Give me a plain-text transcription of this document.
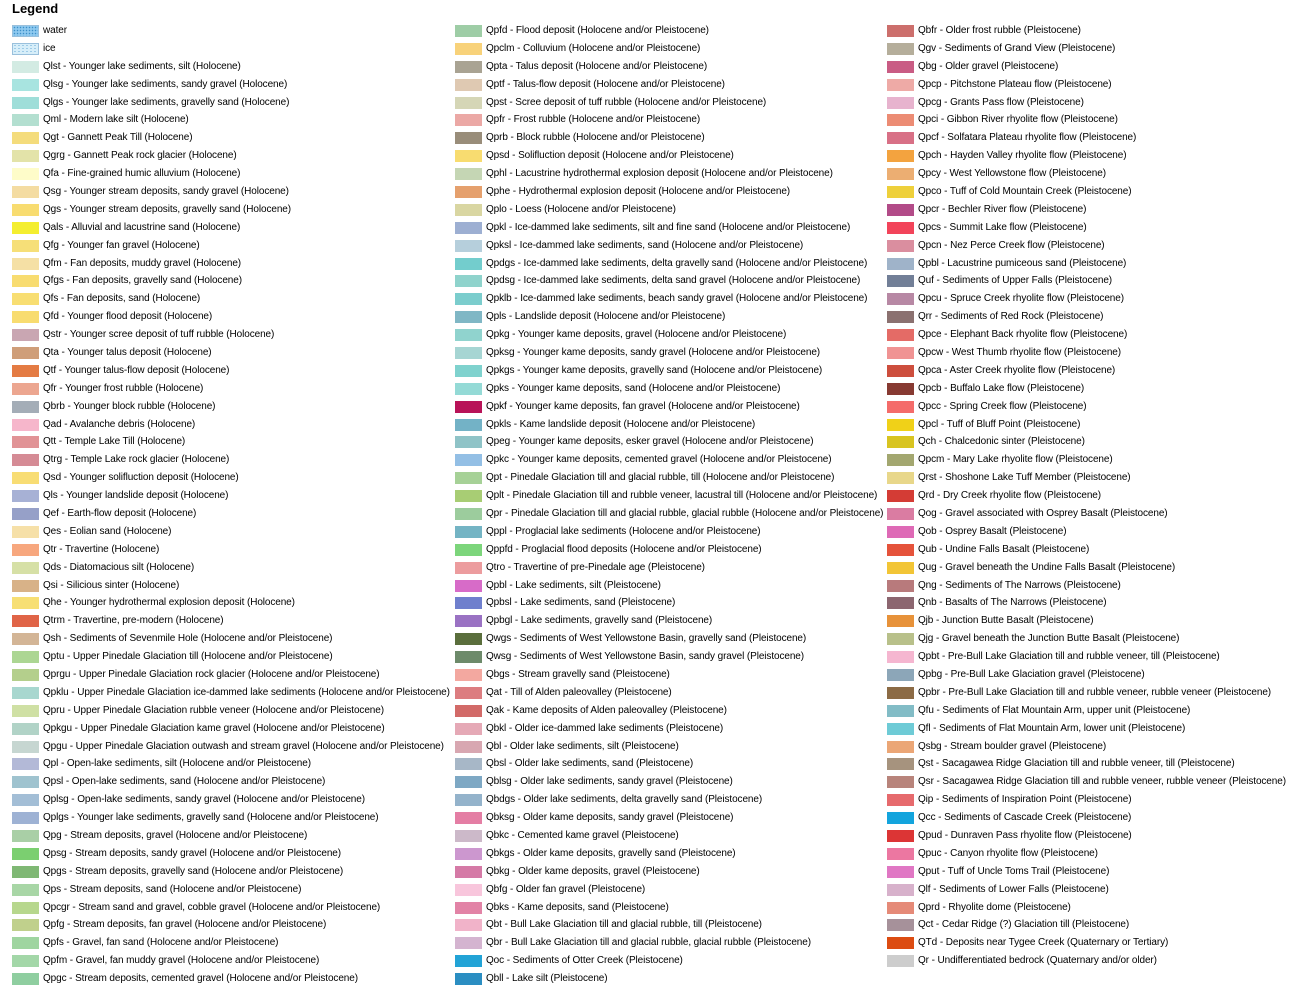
Legend
water
ice
Qlst - Younger lake sediments, silt (Holocene)
Qlsg - Younger lake sediments, sandy gravel (Holocene)
Qlgs - Younger lake sediments, gravelly sand (Holocene)
Qml - Modern lake silt (Holocene)
Qgt - Gannett Peak Till (Holocene)
Qgrg - Gannett Peak rock glacier (Holocene)
Qfa - Fine-grained humic alluvium (Holocene)
Qsg - Younger stream deposits, sandy gravel (Holocene)
Qgs - Younger stream deposits, gravelly sand (Holocene)
Qals - Alluvial and lacustrine sand (Holocene)
Qfg - Younger fan gravel (Holocene)
Qfm - Fan deposits, muddy gravel (Holocene)
Qfgs - Fan deposits, gravelly sand (Holocene)
Qfs - Fan deposits, sand (Holocene)
Qfd - Younger flood deposit (Holocene)
Qstr - Younger scree deposit of tuff rubble (Holocene)
Qta - Younger talus deposit (Holocene)
Qtf - Younger talus-flow deposit (Holocene)
Qfr - Younger frost rubble (Holocene)
Qbrb - Younger block rubble (Holocene)
Qad - Avalanche debris (Holocene)
Qtt - Temple Lake Till (Holocene)
Qtrg - Temple Lake rock glacier (Holocene)
Qsd - Younger solifluction deposit (Holocene)
Qls - Younger landslide deposit (Holocene)
Qef - Earth-flow deposit (Holocene)
Qes - Eolian sand (Holocene)
Qtr - Travertine (Holocene)
Qds - Diatomacious silt (Holocene)
Qsi - Silicious sinter (Holocene)
Qhe - Younger hydrothermal explosion deposit (Holocene)
Qtrm - Travertine, pre-modern (Holocene)
Qsh - Sediments of Sevenmile Hole (Holocene and/or Pleistocene)
Qptu - Upper Pinedale Glaciation till (Holocene and/or Pleistocene)
Qprgu - Upper Pinedale Glaciation rock glacier (Holocene and/or Pleistocene)
Qpklu - Upper Pinedale Glaciation ice-dammed lake sediments (Holocene and/or Pleistocene)
Qpru - Upper Pinedale Glaciation rubble veneer (Holocene and/or Pleistocene)
Qpkgu - Upper Pinedale Glaciation kame gravel (Holocene and/or Pleistocene)
Qpgu - Upper Pinedale Glaciation outwash and stream gravel (Holocene and/or Pleistocene)
Qpl - Open-lake sediments, silt (Holocene and/or Pleistocene)
Qpsl - Open-lake sediments, sand (Holocene and/or Pleistocene)
Qplsg - Open-lake sediments, sandy gravel (Holocene and/or Pleistocene)
Qplgs - Younger lake sediments, gravelly sand (Holocene and/or Pleistocene)
Qpg - Stream deposits, gravel (Holocene and/or Pleistocene)
Qpsg - Stream deposits, sandy gravel (Holocene and/or Pleistocene)
Qpgs - Stream deposits, gravelly sand (Holocene and/or Pleistocene)
Qps - Stream deposits, sand (Holocene and/or Pleistocene)
Qpcgr - Stream sand and gravel, cobble gravel (Holocene and/or Pleistocene)
Qpfg - Stream deposits, fan gravel (Holocene and/or Pleistocene)
Qpfs - Gravel, fan sand (Holocene and/or Pleistocene)
Qpfm - Gravel, fan muddy gravel (Holocene and/or Pleistocene)
Qpgc - Stream deposits, cemented gravel (Holocene and/or Pleistocene)
Qpfd - Flood deposit (Holocene and/or Pleistocene)
Qpclm - Colluvium (Holocene and/or Pleistocene)
Qpta - Talus deposit (Holocene and/or Pleistocene)
Qptf - Talus-flow deposit (Holocene and/or Pleistocene)
Qpst - Scree deposit of tuff rubble (Holocene and/or Pleistocene)
Qpfr - Frost rubble (Holocene and/or Pleistocene)
Qprb - Block rubble (Holocene and/or Pleistocene)
Qpsd - Solifluction deposit (Holocene and/or Pleistocene)
Qphl - Lacustrine hydrothermal explosion deposit (Holocene and/or Pleistocene)
Qphe - Hydrothermal explosion deposit (Holocene and/or Pleistocene)
Qplo - Loess (Holocene and/or Pleistocene)
Qpkl - Ice-dammed lake sediments, silt and fine sand (Holocene and/or Pleistocene)
Qpksl - Ice-dammed lake sediments, sand (Holocene and/or Pleistocene)
Qpdgs - Ice-dammed lake sediments, delta gravelly sand (Holocene and/or Pleistocene)
Qpdsg - Ice-dammed lake sediments, delta sand gravel (Holocene and/or Pleistocene)
Qpklb - Ice-dammed lake sediments, beach sandy gravel (Holocene and/or Pleistocene)
Qpls - Landslide deposit (Holocene and/or Pleistocene)
Qpkg - Younger kame deposits, gravel (Holocene and/or Pleistocene)
Qpksg - Younger kame deposits, sandy gravel (Holocene and/or Pleistocene)
Qpkgs - Younger kame deposits, gravelly sand (Holocene and/or Pleistocene)
Qpks - Younger kame deposits, sand (Holocene and/or Pleistocene)
Qpkf - Younger kame deposits, fan gravel (Holocene and/or Pleistocene)
Qpkls - Kame landslide deposit (Holocene and/or Pleistocene)
Qpeg - Younger kame deposits, esker gravel (Holocene and/or Pleistocene)
Qpkc - Younger kame deposits, cemented gravel (Holocene and/or Pleistocene)
Qpt - Pinedale Glaciation till and glacial rubble, till (Holocene and/or Pleistocene)
Qplt - Pinedale Glaciation till and rubble veneer, lacustral till (Holocene and/or Pleistocene)
Qpr - Pinedale Glaciation till and glacial rubble, glacial rubble (Holocene and/or Pleistocene)
Qppl - Proglacial lake sediments (Holocene and/or Pleistocene)
Qppfd - Proglacial flood deposits (Holocene and/or Pleistocene)
Qtro - Travertine of pre-Pinedale age (Pleistocene)
Qpbl - Lake sediments, silt (Pleistocene)
Qpbsl - Lake sediments, sand (Pleistocene)
Qpbgl - Lake sediments, gravelly sand (Pleistocene)
Qwgs - Sediments of West Yellowstone Basin, gravelly sand (Pleistocene)
Qwsg - Sediments of West Yellowstone Basin, sandy gravel (Pleistocene)
Qbgs - Stream gravelly sand (Pleistocene)
Qat - Till of Alden paleovalley (Pleistocene)
Qak - Kame deposits of Alden paleovalley (Pleistocene)
Qbkl - Older ice-dammed lake sediments (Pleistocene)
Qbl - Older lake sediments, silt (Pleistocene)
Qbsl - Older lake sediments, sand (Pleistocene)
Qblsg - Older lake sediments, sandy gravel (Pleistocene)
Qbdgs - Older lake sediments, delta gravelly sand (Pleistocene)
Qbksg - Older kame deposits, sandy gravel (Pleistocene)
Qbkc - Cemented kame gravel (Pleistocene)
Qbkgs - Older kame deposits, gravelly sand (Pleistocene)
Qbkg - Older kame deposits, gravel (Pleistocene)
Qbfg - Older fan gravel (Pleistocene)
Qbks - Kame deposits, sand (Pleistocene)
Qbt - Bull Lake Glaciation till and glacial rubble, till (Pleistocene)
Qbr - Bull Lake Glaciation till and glacial rubble, glacial rubble (Pleistocene)
Qoc - Sediments of Otter Creek (Pleistocene)
Qbll - Lake silt (Pleistocene)
Qbfr - Older frost rubble (Pleistocene)
Qgv - Sediments of Grand View (Pleistocene)
Qbg - Older gravel (Pleistocene)
Qpcp - Pitchstone Plateau flow (Pleistocene)
Qpcg - Grants Pass flow (Pleistocene)
Qpci - Gibbon River rhyolite flow (Pleistocene)
Qpcf - Solfatara Plateau rhyolite flow (Pleistocene)
Qpch - Hayden Valley rhyolite flow (Pleistocene)
Qpcy - West Yellowstone flow (Pleistocene)
Qpco - Tuff of Cold Mountain Creek (Pleistocene)
Qpcr - Bechler River flow (Pleistocene)
Qpcs - Summit Lake flow (Pleistocene)
Qpcn - Nez Perce Creek flow (Pleistocene)
Qpbl - Lacustrine pumiceous sand (Pleistocene)
Quf - Sediments of Upper Falls (Pleistocene)
Qpcu - Spruce Creek rhyolite flow (Pleistocene)
Qrr - Sediments of Red Rock (Pleistocene)
Qpce - Elephant Back rhyolite flow (Pleistocene)
Qpcw - West Thumb rhyolite flow (Pleistocene)
Qpca - Aster Creek rhyolite flow (Pleistocene)
Qpcb - Buffalo Lake flow (Pleistocene)
Qpcc - Spring Creek flow (Pleistocene)
Qpcl - Tuff of Bluff Point (Pleistocene)
Qch - Chalcedonic sinter (Pleistocene)
Qpcm - Mary Lake rhyolite flow (Pleistocene)
Qrst - Shoshone Lake Tuff Member (Pleistocene)
Qrd - Dry Creek rhyolite flow (Pleistocene)
Qog - Gravel associated with Osprey Basalt (Pleistocene)
Qob - Osprey Basalt (Pleistocene)
Qub - Undine Falls Basalt (Pleistocene)
Qug - Gravel beneath the Undine Falls Basalt (Pleistocene)
Qng - Sediments of The Narrows (Pleistocene)
Qnb - Basalts of The Narrows (Pleistocene)
Qjb - Junction Butte Basalt (Pleistocene)
Qjg - Gravel beneath the Junction Butte Basalt (Pleistocene)
Qpbt - Pre-Bull Lake Glaciation till and rubble veneer, till (Pleistocene)
Qpbg - Pre-Bull Lake Glaciation gravel (Pleistocene)
Qpbr - Pre-Bull Lake Glaciation till and rubble veneer, rubble veneer (Pleistocene)
Qfu - Sediments of Flat Mountain Arm, upper unit (Pleistocene)
Qfl - Sediments of Flat Mountain Arm, lower unit (Pleistocene)
Qsbg - Stream boulder gravel (Pleistocene)
Qst - Sacagawea Ridge Glaciation till and rubble veneer, till (Pleistocene)
Qsr - Sacagawea Ridge Glaciation till and rubble veneer, rubble veneer (Pleistocene)
Qip - Sediments of Inspiration Point (Pleistocene)
Qcc - Sediments of Cascade Creek (Pleistocene)
Qpud - Dunraven Pass rhyolite flow (Pleistocene)
Qpuc - Canyon rhyolite flow (Pleistocene)
Qput - Tuff of Uncle Toms Trail (Pleistocene)
Qlf - Sediments of Lower Falls (Pleistocene)
Qprd - Rhyolite dome (Pleistocene)
Qct - Cedar Ridge (?) Glaciation till (Pleistocene)
QTd - Deposits near Tygee Creek (Quaternary or Tertiary)
Qr - Undifferentiated bedrock (Quaternary and/or older)
